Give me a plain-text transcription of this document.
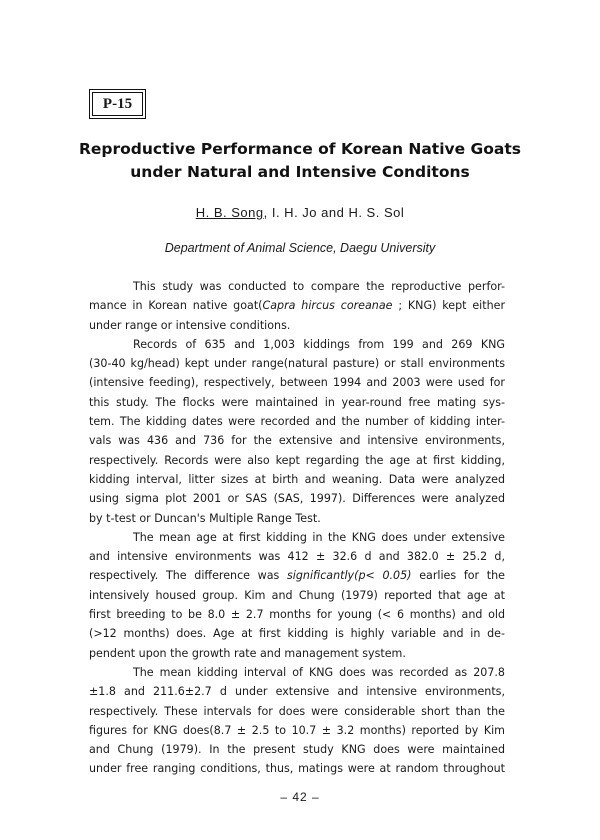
P-15
Reproductive Performance of Korean Native Goats
under Natural and Intensive Conditons
H. B. Song, I. H. Jo and H. S. Sol
Department of Animal Science, Daegu University
This study was conducted to compare the reproductive perfor-
mance in Korean native goat(Capra hircus coreanae ; KNG) kept either
under range or intensive conditions.
Records of 635 and 1,003 kiddings from 199 and 269 KNG
(30-40 kg/head) kept under range(natural pasture) or stall environments
(intensive feeding), respectively, between 1994 and 2003 were used for
this study. The flocks were maintained in year-round free mating sys-
tem. The kidding dates were recorded and the number of kidding inter-
vals was 436 and 736 for the extensive and intensive environments,
respectively. Records were also kept regarding the age at first kidding,
kidding interval, litter sizes at birth and weaning. Data were analyzed
using sigma plot 2001 or SAS (SAS, 1997). Differences were analyzed
by t-test or Duncan's Multiple Range Test.
The mean age at first kidding in the KNG does under extensive
and intensive environments was 412 ± 32.6 d and 382.0 ± 25.2 d,
respectively. The difference was significantly(p< 0.05) earlies for the
intensively housed group. Kim and Chung (1979) reported that age at
first breeding to be 8.0 ± 2.7 months for young (< 6 months) and old
(>12 months) does. Age at first kidding is highly variable and in de-
pendent upon the growth rate and management system.
The mean kidding interval of KNG does was recorded as 207.8
±1.8 and 211.6±2.7 d under extensive and intensive environments,
respectively. These intervals for does were considerable short than the
figures for KNG does(8.7 ± 2.5 to 10.7 ± 3.2 months) reported by Kim
and Chung (1979). In the present study KNG does were maintained
under free ranging conditions, thus, matings were at random throughout
– 42 –
